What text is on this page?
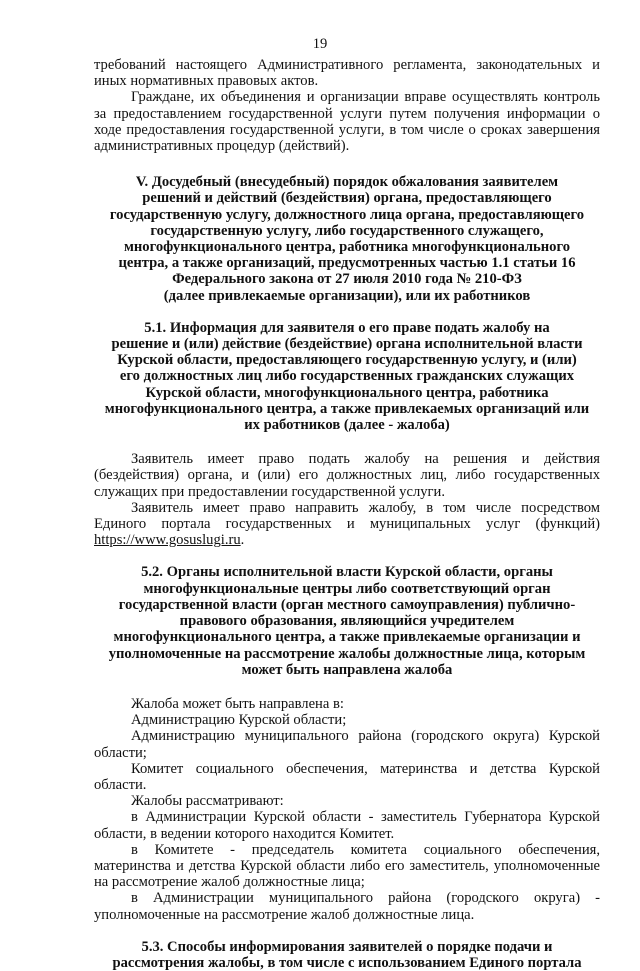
19

требований настоящего Административного регламента, законодательных и иных нормативных правовых актов.

Граждане, их объединения и организации вправе осуществлять контроль за предоставлением государственной услуги путем получения информации о ходе предоставления государственной услуги, в том числе о сроках завершения административных процедур (действий).

V. Досудебный (внесудебный) порядок обжалования заявителем

решений и действий (бездействия) органа, предоставляющего

государственную услугу, должностного лица органа, предоставляющего

государственную услугу, либо государственного служащего,

многофункционального центра, работника многофункционального

центра, а также организаций, предусмотренных частью 1.1 статьи 16

Федерального закона от 27 июля 2010 года № 210-ФЗ

(далее привлекаемые организации), или их работников

5.1. Информация для заявителя о его праве подать жалобу на

решение и (или) действие (бездействие) органа исполнительной власти

Курской области, предоставляющего государственную услугу, и (или)

его должностных лиц либо государственных гражданских служащих

Курской области, многофункционального центра, работника

многофункционального центра, а также привлекаемых организаций или

их работников (далее - жалоба)

Заявитель имеет право подать жалобу на решения и действия (бездействия) органа, и (или) его должностных лиц, либо государственных служащих при предоставлении государственной услуги.

Заявитель имеет право направить жалобу, в том числе посредством Единого портала государственных и муниципальных услуг (функций) https://www.gosuslugi.ru.

5.2. Органы исполнительной власти Курской области, органы

многофункциональные центры либо соответствующий орган

государственной власти (орган местного самоуправления) публично-

правового образования, являющийся учредителем

многофункционального центра, а также привлекаемые организации и

уполномоченные на рассмотрение жалобы должностные лица, которым

может быть направлена жалоба

Жалоба может быть направлена в:

Администрацию Курской области;

Администрацию муниципального района (городского округа) Курской области;

Комитет социального обеспечения, материнства и детства Курской области.

Жалобы рассматривают:

в Администрации Курской области - заместитель Губернатора Курской области, в ведении которого находится Комитет.

в Комитете - председатель комитета социального обеспечения, материнства и детства Курской области либо его заместитель, уполномоченные на рассмотрение жалоб должностные лица;

в Администрации муниципального района (городского округа) - уполномоченные на рассмотрение жалоб должностные лица.

5.3. Способы информирования заявителей о порядке подачи и

рассмотрения жалобы, в том числе с использованием Единого портала
